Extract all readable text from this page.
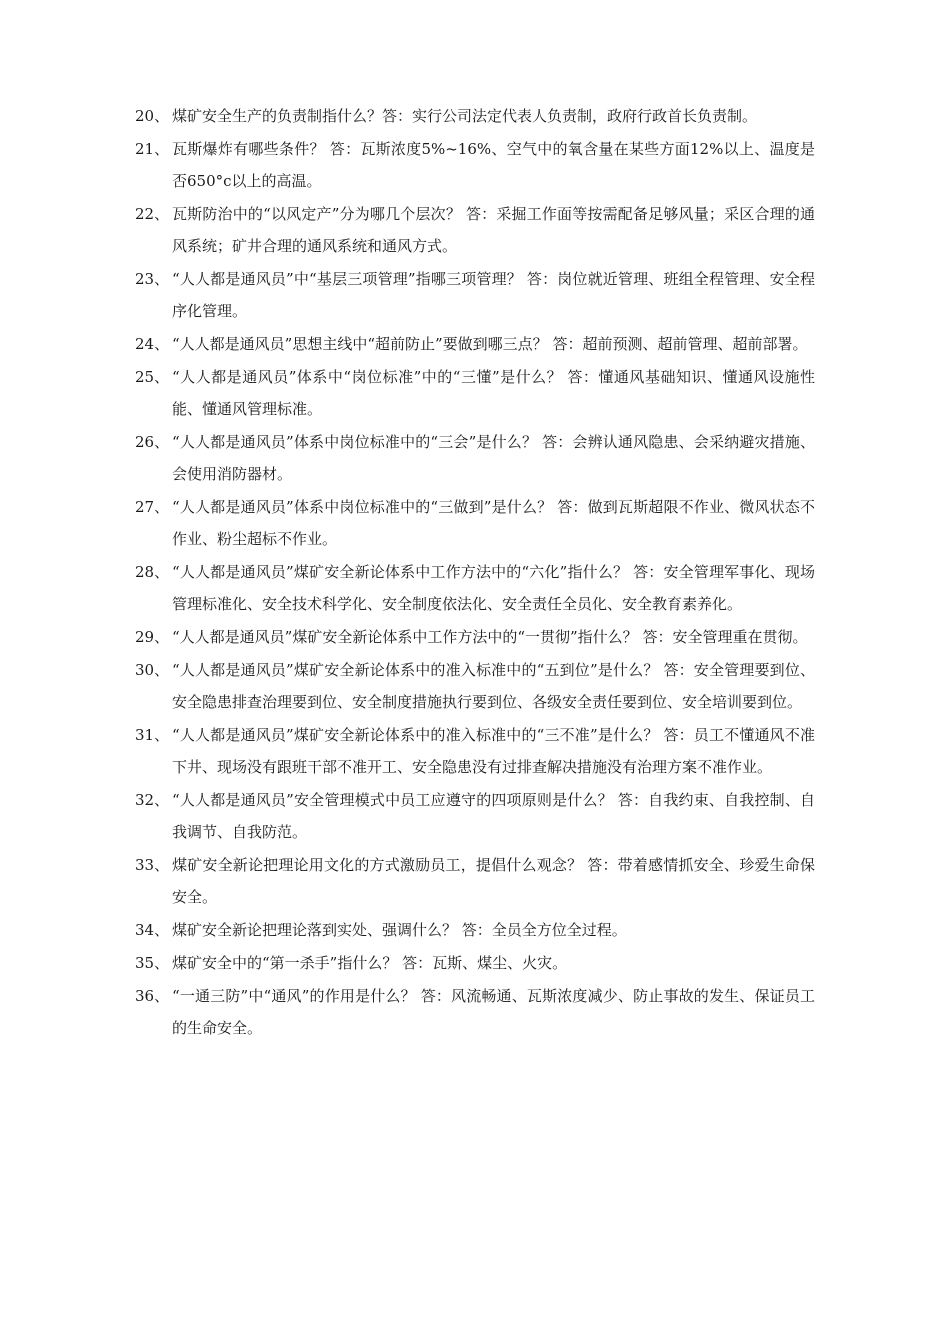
20、 煤矿安全生产的负责制指什么？答：实行公司法定代表人负责制，政府行政首长负责制。
21、 瓦斯爆炸有哪些条件？ 答：瓦斯浓度5%~16%、空气中的氧含量在某些方面12%以上、温度是否650°c以上的高温。
22、 瓦斯防治中的“以风定产”分为哪几个层次？ 答：采掘工作面等按需配备足够风量；采区合理的通风系统；矿井合理的通风系统和通风方式。
23、 “人人都是通风员”中“基层三项管理”指哪三项管理？ 答：岗位就近管理、班组全程管理、安全程序化管理。
24、 “人人都是通风员”思想主线中“超前防止”要做到哪三点？ 答：超前预测、超前管理、超前部署。
25、 “人人都是通风员”体系中“岗位标准”中的“三懂”是什么？ 答：懂通风基础知识、懂通风设施性能、懂通风管理标准。
26、 “人人都是通风员”体系中岗位标准中的“三会”是什么？ 答：会辨认通风隐患、会采纳避灾措施、会使用消防器材。
27、 “人人都是通风员”体系中岗位标准中的“三做到”是什么？ 答：做到瓦斯超限不作业、微风状态不作业、粉尘超标不作业。
28、 “人人都是通风员”煤矿安全新论体系中工作方法中的“六化”指什么？ 答：安全管理军事化、现场管理标准化、安全技术科学化、安全制度依法化、安全责任全员化、安全教育素养化。
29、 “人人都是通风员”煤矿安全新论体系中工作方法中的“一贯彻”指什么？ 答：安全管理重在贯彻。
30、 “人人都是通风员”煤矿安全新论体系中的准入标准中的“五到位”是什么？ 答：安全管理要到位、安全隐患排查治理要到位、安全制度措施执行要到位、各级安全责任要到位、安全培训要到位。
31、 “人人都是通风员”煤矿安全新论体系中的准入标准中的“三不准”是什么？ 答：员工不懂通风不准下井、现场没有跟班干部不准开工、安全隐患没有过排查解决措施没有治理方案不准作业。
32、 “人人都是通风员”安全管理模式中员工应遵守的四项原则是什么？ 答：自我约束、自我控制、自我调节、自我防范。
33、 煤矿安全新论把理论用文化的方式激励员工，提倡什么观念？ 答：带着感情抓安全、珍爱生命保安全。
34、 煤矿安全新论把理论落到实处、强调什么？ 答：全员全方位全过程。
35、 煤矿安全中的“第一杀手”指什么？ 答：瓦斯、煤尘、火灾。
36、 “一通三防”中“通风”的作用是什么？ 答：风流畅通、瓦斯浓度减少、防止事故的发生、保证员工的生命安全。
